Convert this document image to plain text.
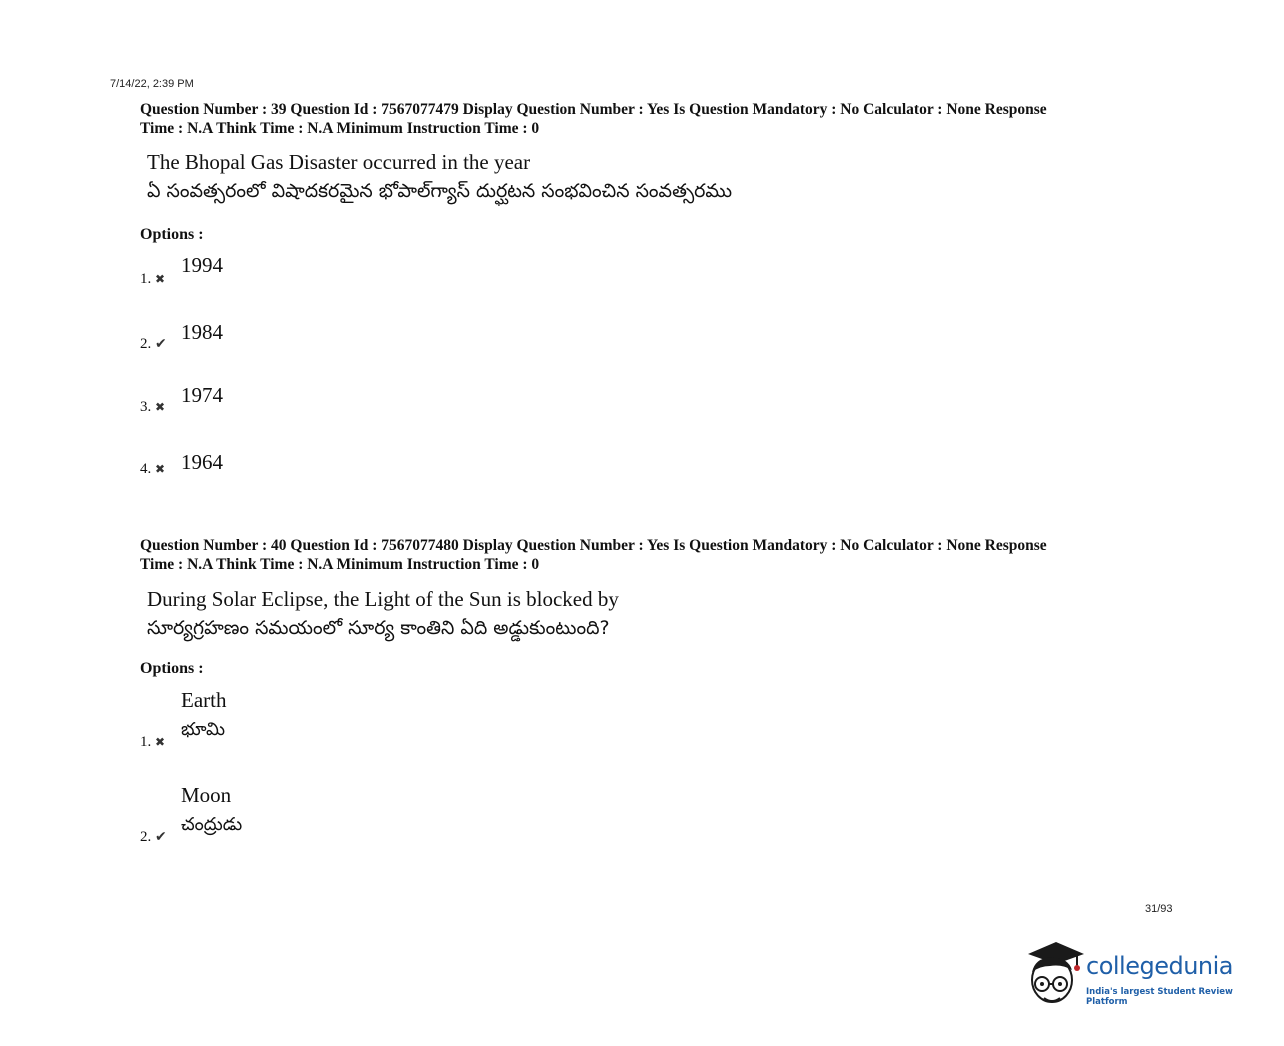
7/14/22, 2:39 PM
Question Number : 39 Question Id : 7567077479 Display Question Number : Yes Is Question Mandatory : No Calculator : None Response
Time : N.A Think Time : N.A Minimum Instruction Time : 0
The Bhopal Gas Disaster occurred in the year
ఏ సంవత్సరంలో విషాదకరమైన భోపాల్‌గ్యాస్ దుర్ఘటన సంభవించిన సంవత్సరము
Options :
1. ✖
1994
2. ✔ 1984
3. ✖ 1974
4. ✖ 1964
Question Number : 40 Question Id : 7567077480 Display Question Number : Yes Is Question Mandatory : No Calculator : None Response
Time : N.A Think Time : N.A Minimum Instruction Time : 0
During Solar Eclipse, the Light of the Sun is blocked by
సూర్యగ్రహణం సమయంలో సూర్య కాంతిని ఏది అడ్డుకుంటుంది?
Options :
Earth
భూమి
1. ✖
Moon
చంద్రుడు
2. ✔
31/93
collegedunia
India's largest Student Review Platform
